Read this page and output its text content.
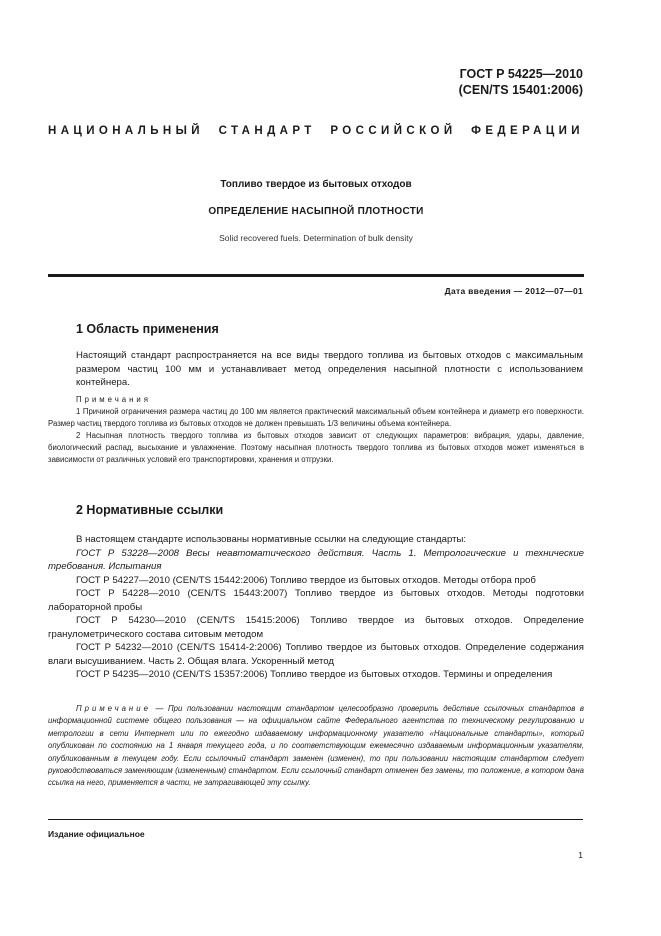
ГОСТ Р 54225—2010
(CEN/TS 15401:2006)
НАЦИОНАЛЬНЫЙ СТАНДАРТ РОССИЙСКОЙ ФЕДЕРАЦИИ
Топливо твердое из бытовых отходов
ОПРЕДЕЛЕНИЕ НАСЫПНОЙ ПЛОТНОСТИ
Solid recovered fuels. Determination of bulk density
Дата введения — 2012—07—01
1 Область применения

Настоящий стандарт распространяется на все виды твердого топлива из бытовых отходов с максимальным размером частиц 100 мм и устанавливает метод определения насыпной плотности с использованием контейнера.

Примечания

1 Причиной ограничения размера частиц до 100 мм является практический максимальный объем контейнера и диаметр его поверхности. Размер частиц твердого топлива из бытовых отходов не должен превышать 1/3 величины объема контейнера.

2 Насыпная плотность твердого топлива из бытовых отходов зависит от следующих параметров: вибрация, удары, давление, биологический распад, высыхание и увлажнение. Поэтому насыпная плотность твердого топлива из бытовых отходов может изменяться в зависимости от различных условий его транспортировки, хранения и отгрузки.

2 Нормативные ссылки

В настоящем стандарте использованы нормативные ссылки на следующие стандарты:

ГОСТ Р 53228—2008 Весы неавтоматического действия. Часть 1. Метрологические и технические требования. Испытания

ГОСТ Р 54227—2010 (CEN/TS 15442:2006) Топливо твердое из бытовых отходов. Методы отбора проб

ГОСТ Р 54228—2010 (CEN/TS 15443:2007) Топливо твердое из бытовых отходов. Методы подготовки лабораторной пробы

ГОСТ Р 54230—2010 (CEN/TS 15415:2006) Топливо твердое из бытовых отходов. Определение гранулометрического состава ситовым методом

ГОСТ Р 54232—2010 (CEN/TS 15414-2:2006) Топливо твердое из бытовых отходов. Определение содержания влаги высушиванием. Часть 2. Общая влага. Ускоренный метод

ГОСТ Р 54235—2010 (CEN/TS 15357:2006) Топливо твердое из бытовых отходов. Термины и определения

Примечание — При пользовании настоящим стандартом целесообразно проверить действие ссылочных стандартов в информационной системе общего пользования — на официальном сайте Федерального агентства по техническому регулированию и метрологии в сети Интернет или по ежегодно издаваемому информационному указателю «Национальные стандарты», который опубликован по состоянию на 1 января текущего года, и по соответствующим ежемесячно издаваемым информационным указателям, опубликованным в текущем году. Если ссылочный стандарт заменен (изменен), то при пользовании настоящим стандартом следует руководствоваться заменяющим (измененным) стандартом. Если ссылочный стандарт отменен без замены, то положение, в котором дана ссылка на него, применяется в части, не затрагивающей эту ссылку.

Издание официальное
1
